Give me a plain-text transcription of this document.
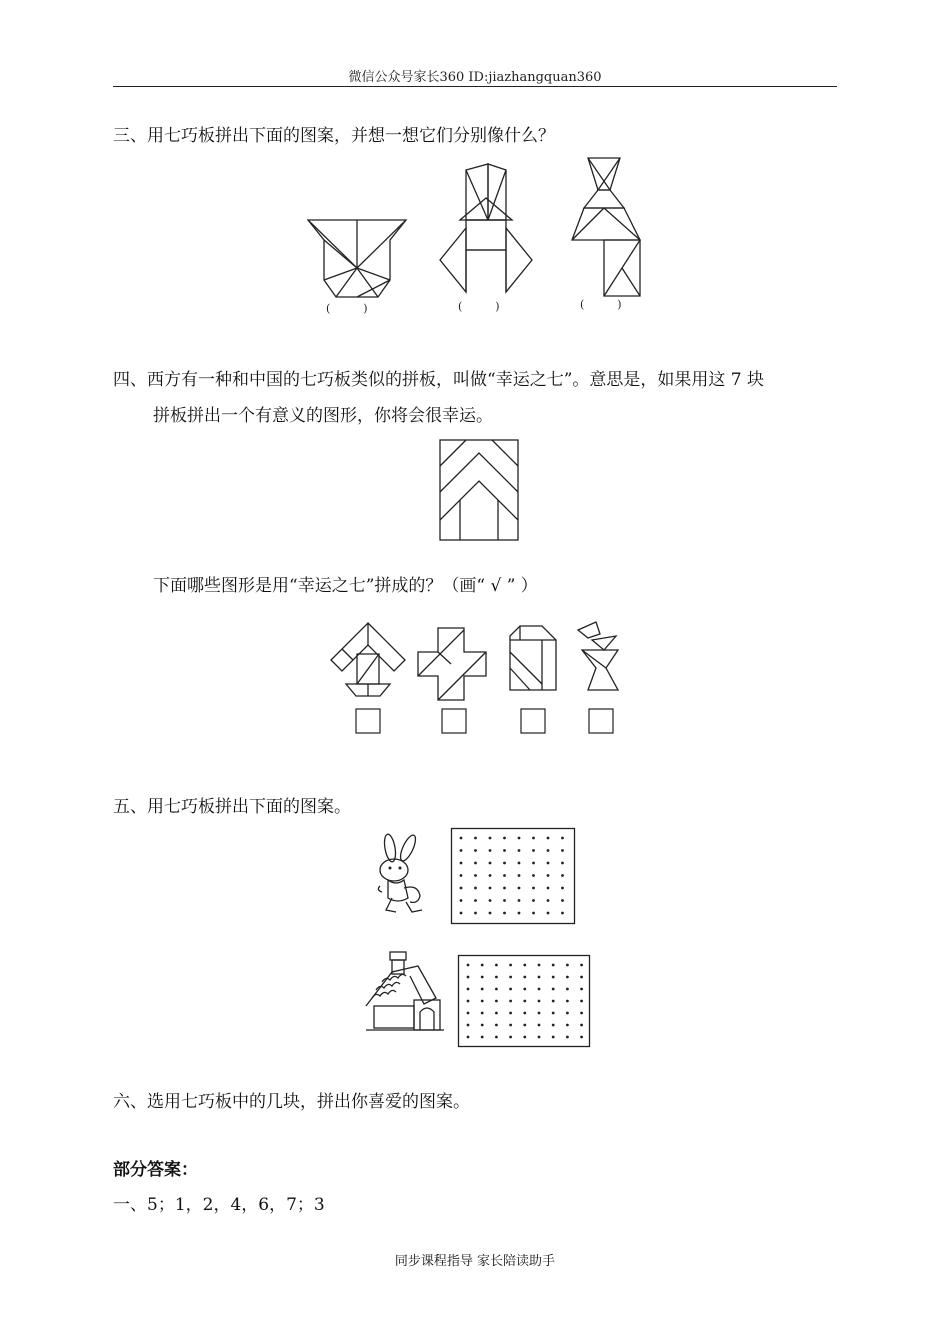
微信公众号家长360 ID:jiazhangquan360
三、用七巧板拼出下面的图案，并想一想它们分别像什么？
(　　　)	(　　　)	(　　　)
四、西方有一种和中国的七巧板类似的拼板，叫做“幸运之七”。意思是，如果用这 7 块
拼板拼出一个有意义的图形，你将会很幸运。
下面哪些图形是用“幸运之七”拼成的？（画“ √ ” ）
五、用七巧板拼出下面的图案。
六、选用七巧板中的几块，拼出你喜爱的图案。
部分答案：
一、5；1，2，4，6，7；3
同步课程指导 家长陪读助手
